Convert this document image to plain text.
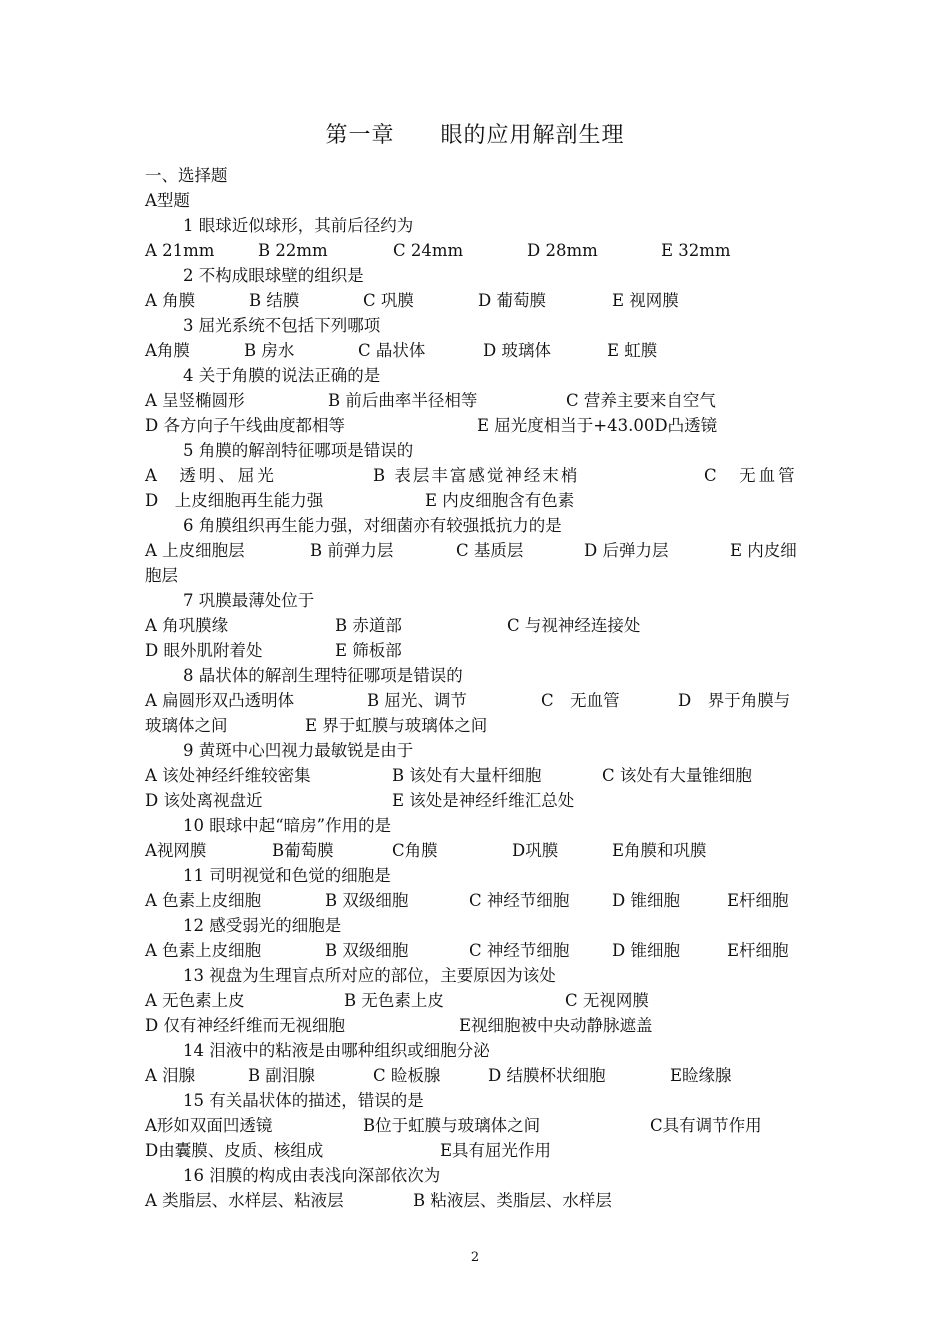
第一章　　眼的应用解剖生理
一、选择题
A型题
1 眼球近似球形，其前后径约为
A 21mm	B 22mm	C 24mm	D 28mm	E 32mm
2 不构成眼球壁的组织是
A 角膜	B 结膜	C 巩膜	D 葡萄膜	E 视网膜
3 屈光系统不包括下列哪项
A角膜	B 房水	C 晶状体	D 玻璃体	E 虹膜
4 关于角膜的说法正确的是
A 呈竖椭圆形	B 前后曲率半径相等	C 营养主要来自空气
D 各方向子午线曲度都相等	E 屈光度相当于+43.00D凸透镜
5 角膜的解剖特征哪项是错误的
A　透明、屈光	B 表层丰富感觉神经末梢	C　无血管
D　上皮细胞再生能力强	E 内皮细胞含有色素
6 角膜组织再生能力强，对细菌亦有较强抵抗力的是
A 上皮细胞层	B 前弹力层	C 基质层	D 后弹力层	E 内皮细
胞层
7 巩膜最薄处位于
A 角巩膜缘	B 赤道部	C 与视神经连接处
D 眼外肌附着处	E 筛板部
8 晶状体的解剖生理特征哪项是错误的
A 扁圆形双凸透明体	B 屈光、调节	C　无血管	D　界于角膜与
玻璃体之间	E 界于虹膜与玻璃体之间
9 黄斑中心凹视力最敏锐是由于
A 该处神经纤维较密集	B 该处有大量杆细胞	C 该处有大量锥细胞
D 该处离视盘近	E 该处是神经纤维汇总处
10 眼球中起“暗房”作用的是
A视网膜	B葡萄膜	C角膜	D巩膜	E角膜和巩膜
11 司明视觉和色觉的细胞是
A 色素上皮细胞	B 双级细胞	C 神经节细胞	D 锥细胞	E杆细胞
12 感受弱光的细胞是
A 色素上皮细胞	B 双级细胞	C 神经节细胞	D 锥细胞	E杆细胞
13 视盘为生理盲点所对应的部位，主要原因为该处
A 无色素上皮	B 无色素上皮	C 无视网膜
D 仅有神经纤维而无视细胞	E视细胞被中央动静脉遮盖
14 泪液中的粘液是由哪种组织或细胞分泌
A 泪腺	B 副泪腺	C 睑板腺	D 结膜杯状细胞	E睑缘腺
15 有关晶状体的描述，错误的是
A形如双面凹透镜	B位于虹膜与玻璃体之间	C具有调节作用
D由囊膜、皮质、核组成	E具有屈光作用
16 泪膜的构成由表浅向深部依次为
A 类脂层、水样层、粘液层	B 粘液层、类脂层、水样层
2
